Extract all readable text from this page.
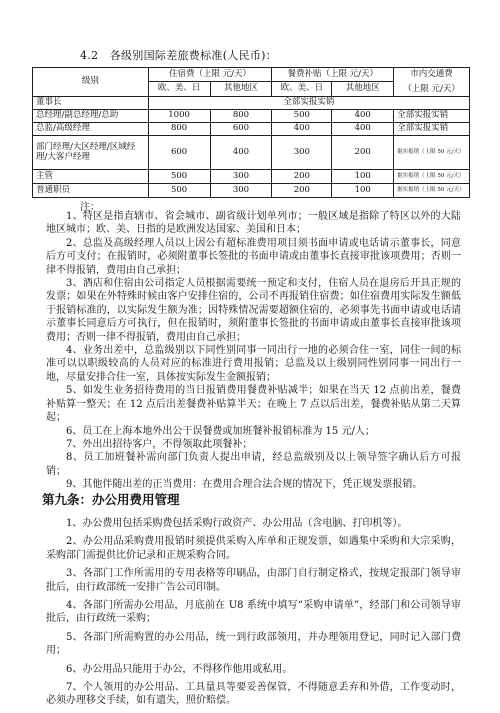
4.2　各级别国际差旅费标准(人民币)：
级别	住宿费（上限 元/天）		餐费补贴（上限 元/天）		市内交通费
（上限 元/天）

	欧、美、日	其他地区	欧、美、日	其他地区	
董事长	全部实报实销				
总经理/副总经理/总助	1000	800	500	400	全部实报实销
总监/高级经理	800	600	400	400	全部实报实销
部门经理/大区经理/区域经理/大客户经理	600	400	300	200	据实报销（上限 50 元/天）
主管	500	300	200	100	据实报销（上限 50 元/天）
普通职员	500	300	200	100	据实报销（上限 50 元/天）
注：

1、特区是指直辖市、省会城市、副省级计划单列市；一般区域是指除了特区以外的大陆地区城市；欧、美、日指的是欧洲发达国家、美国和日本；

2、总监及高级经理人员以上因公有超标准费用项目须书面申请或电话请示董事长，同意后方可支付；在报销时，必须附董事长签批的书面申请或由董事长直接审批该项费用；否则一律不得报销，费用由自己承担；

3、酒店和住宿由公司指定人员根据需要统一预定和支付，住宿人员在退房后开具正规的发票；如果在外特殊时候由客户安排住宿的，公司不再报销住宿费；如住宿费用实际发生额低于报销标准的，以实际发生额为准；因特殊情况需要超额住宿的，必须事先书面申请或电话请示董事长同意后方可执行，但在报销时，须附董事长签批的书面申请或由董事长直接审批该项费用；否则一律不得报销，费用由自己承担；

4、业务出差中，总监级别以下同性别同事一同出行一地的必须合住一室，同住一间的标准可以以职级较高的人员对应的标准进行费用报销；总监及以上级别同性别同事一同出行一地，尽量安排合住一室，具体按实际发生金额报销；

5、如发生业务招待费用的当日报销费用餐费补贴减半；如果在当天 12 点前出差，餐费补贴算一整天；在 12 点后出差餐费补贴算半天；在晚上 7 点以后出差，餐费补贴从第二天算起；

6、员工在上海本地外出公干误餐费或加班餐补报销标准为 15 元/人；

7、外出出招待客户，不得领取此项餐补；

8、员工加班餐补需向部门负责人提出申请，经总监级别及以上领导签字确认后方可报销；

9、其他伴随出差的正当费用：在费用合理合法合规的情况下，凭正规发票报销。

第九条：办公用费用管理

1、办公费用包括采购费包括采购行政资产、办公用品（含电脑、打印机等）。

2、办公用品采购费用报销时须提供采购入库单和正规发票，如遇集中采购和大宗采购，采购部门需提供比价记录和正规采购合同。

3、各部门工作所需用的专用表格等印刷品，由部门自行制定格式，按规定报部门领导审批后，由行政部统一安排广告公司印制。

4、各部门所需办公用品，月底前在 U8 系统中填写“采购申请单”，经部门和公司领导审批后，由行政统一采购；

5、各部门所需购置的办公用品，统一到行政部领用，并办理领用登记，同时记入部门费用；

6、办公用品只能用于办公，不得移作他用或私用。

7、个人领用的办公用品、工具量具等要妥善保管，不得随意丢弃和外借，工作变动时，必须办理移交手续，如有遗失，照价赔偿。
